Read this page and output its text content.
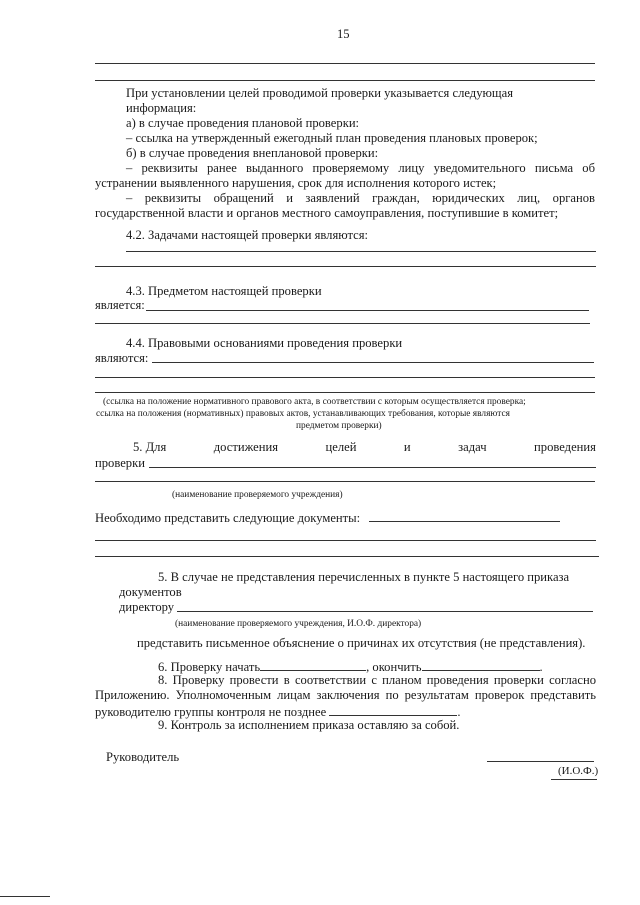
15
При установлении целей проводимой проверки указывается следующая
информация:
а) в случае проведения плановой проверки:
– ссылка на утвержденный ежегодный план проведения плановых проверок;
б) в случае проведения внеплановой проверки:
– реквизиты ранее выданного проверяемому лицу уведомительного письма об
устранении выявленного нарушения, срок для исполнения которого истек;
– реквизиты обращений и заявлений граждан, юридических лиц, органов
государственной власти и органов местного самоуправления, поступившие в комитет;
4.2. Задачами настоящей проверки являются:
4.3. Предметом настоящей проверки
является:
4.4. Правовыми основаниями проведения проверки
являются:
(ссылка на положение нормативного правового акта, в соответствии с которым осуществляется проверка;
ссылка на положения (нормативных) правовых актов, устанавливающих требования, которые являются
предметом проверки)
5. Для	достижения	целей	и	задач	проведения
проверки
(наименование проверяемого учреждения)
Необходимо представить следующие документы:
5. В случае не представления перечисленных в пункте 5 настоящего приказа
документов
директору
(наименование проверяемого учреждения, И.О.Ф. директора)
представить письменное объяснение о причинах их отсутствия (не представления).
6. Проверку начать	, окончить	.
8. Проверку провести в соответствии с планом проведения проверки согласно
Приложению. Уполномоченным лицам заключения по результатам проверок представить
руководителю группы контроля не позднее	.
9. Контроль за исполнением приказа оставляю за собой.
Руководитель
(И.О.Ф.)
